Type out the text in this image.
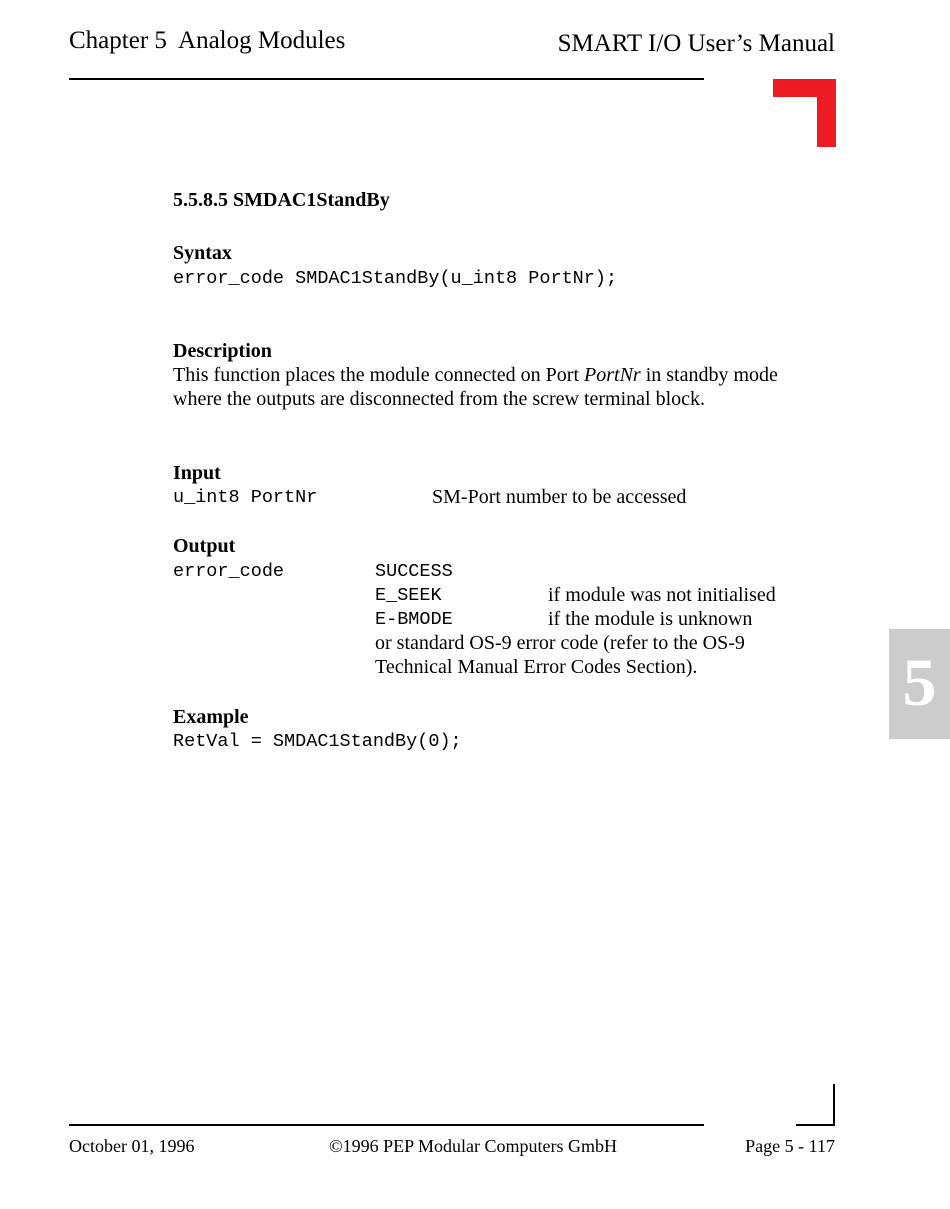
Chapter 5  Analog Modules	SMART I/O User’s Manual
5
5.5.8.5 SMDAC1StandBy
Syntax
error_code SMDAC1StandBy(u_int8 PortNr);
Description
This function places the module connected on Port PortNr in standby mode
where the outputs are disconnected from the screw terminal block.
Input
u_int8 PortNr	SM-Port number to be accessed
Output
error_code	SUCCESS
E_SEEK	if module was not initialised
E-BMODE	if the module is unknown
or standard OS-9 error code (refer to the OS-9
Technical Manual Error Codes Section).
Example
RetVal = SMDAC1StandBy(0);
October 01, 1996	©1996 PEP Modular Computers GmbH	Page 5 - 117
